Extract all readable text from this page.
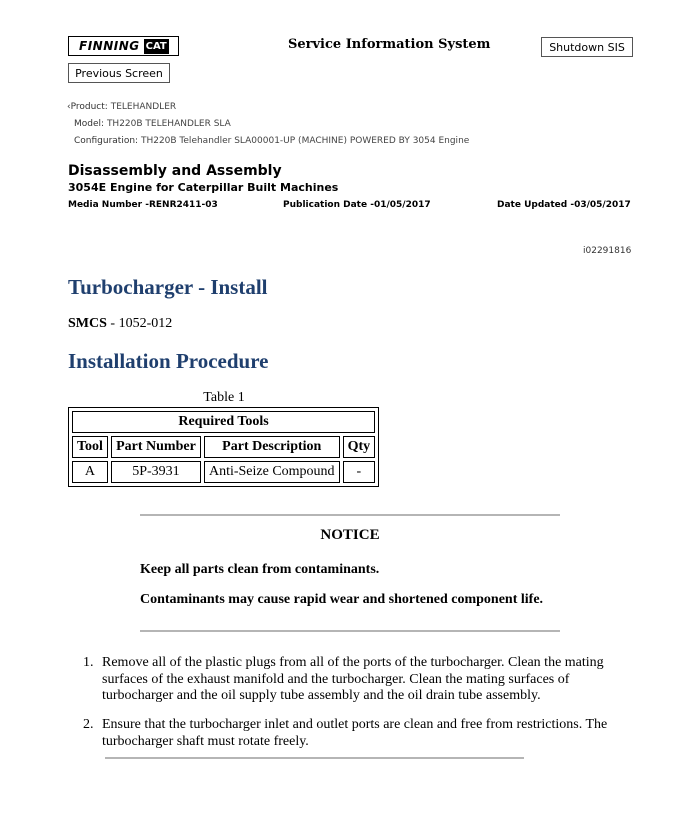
FINNING CAT	Service Information System	Shutdown SIS
Previous Screen
‹Product: TELEHANDLER
Model: TH220B TELEHANDLER SLA
Configuration: TH220B Telehandler SLA00001-UP (MACHINE) POWERED BY 3054 Engine
Disassembly and Assembly
3054E Engine for Caterpillar Built Machines
Media Number -RENR2411-03	Publication Date -01/05/2017	Date Updated -03/05/2017
i02291816
Turbocharger - Install
SMCS - 1052-012
Installation Procedure
Table 1
Required Tools			
Tool	Part Number	Part Description	Qty
A	5P-3931	Anti-Seize Compound	-
NOTICE
Keep all parts clean from contaminants.
Contaminants may cause rapid wear and shortened component life.
1. Remove all of the plastic plugs from all of the ports of the turbocharger. Clean the mating surfaces of the exhaust manifold and the turbocharger. Clean the mating surfaces of turbocharger and the oil supply tube assembly and the oil drain tube assembly.
2. Ensure that the turbocharger inlet and outlet ports are clean and free from restrictions. The turbocharger shaft must rotate freely.
